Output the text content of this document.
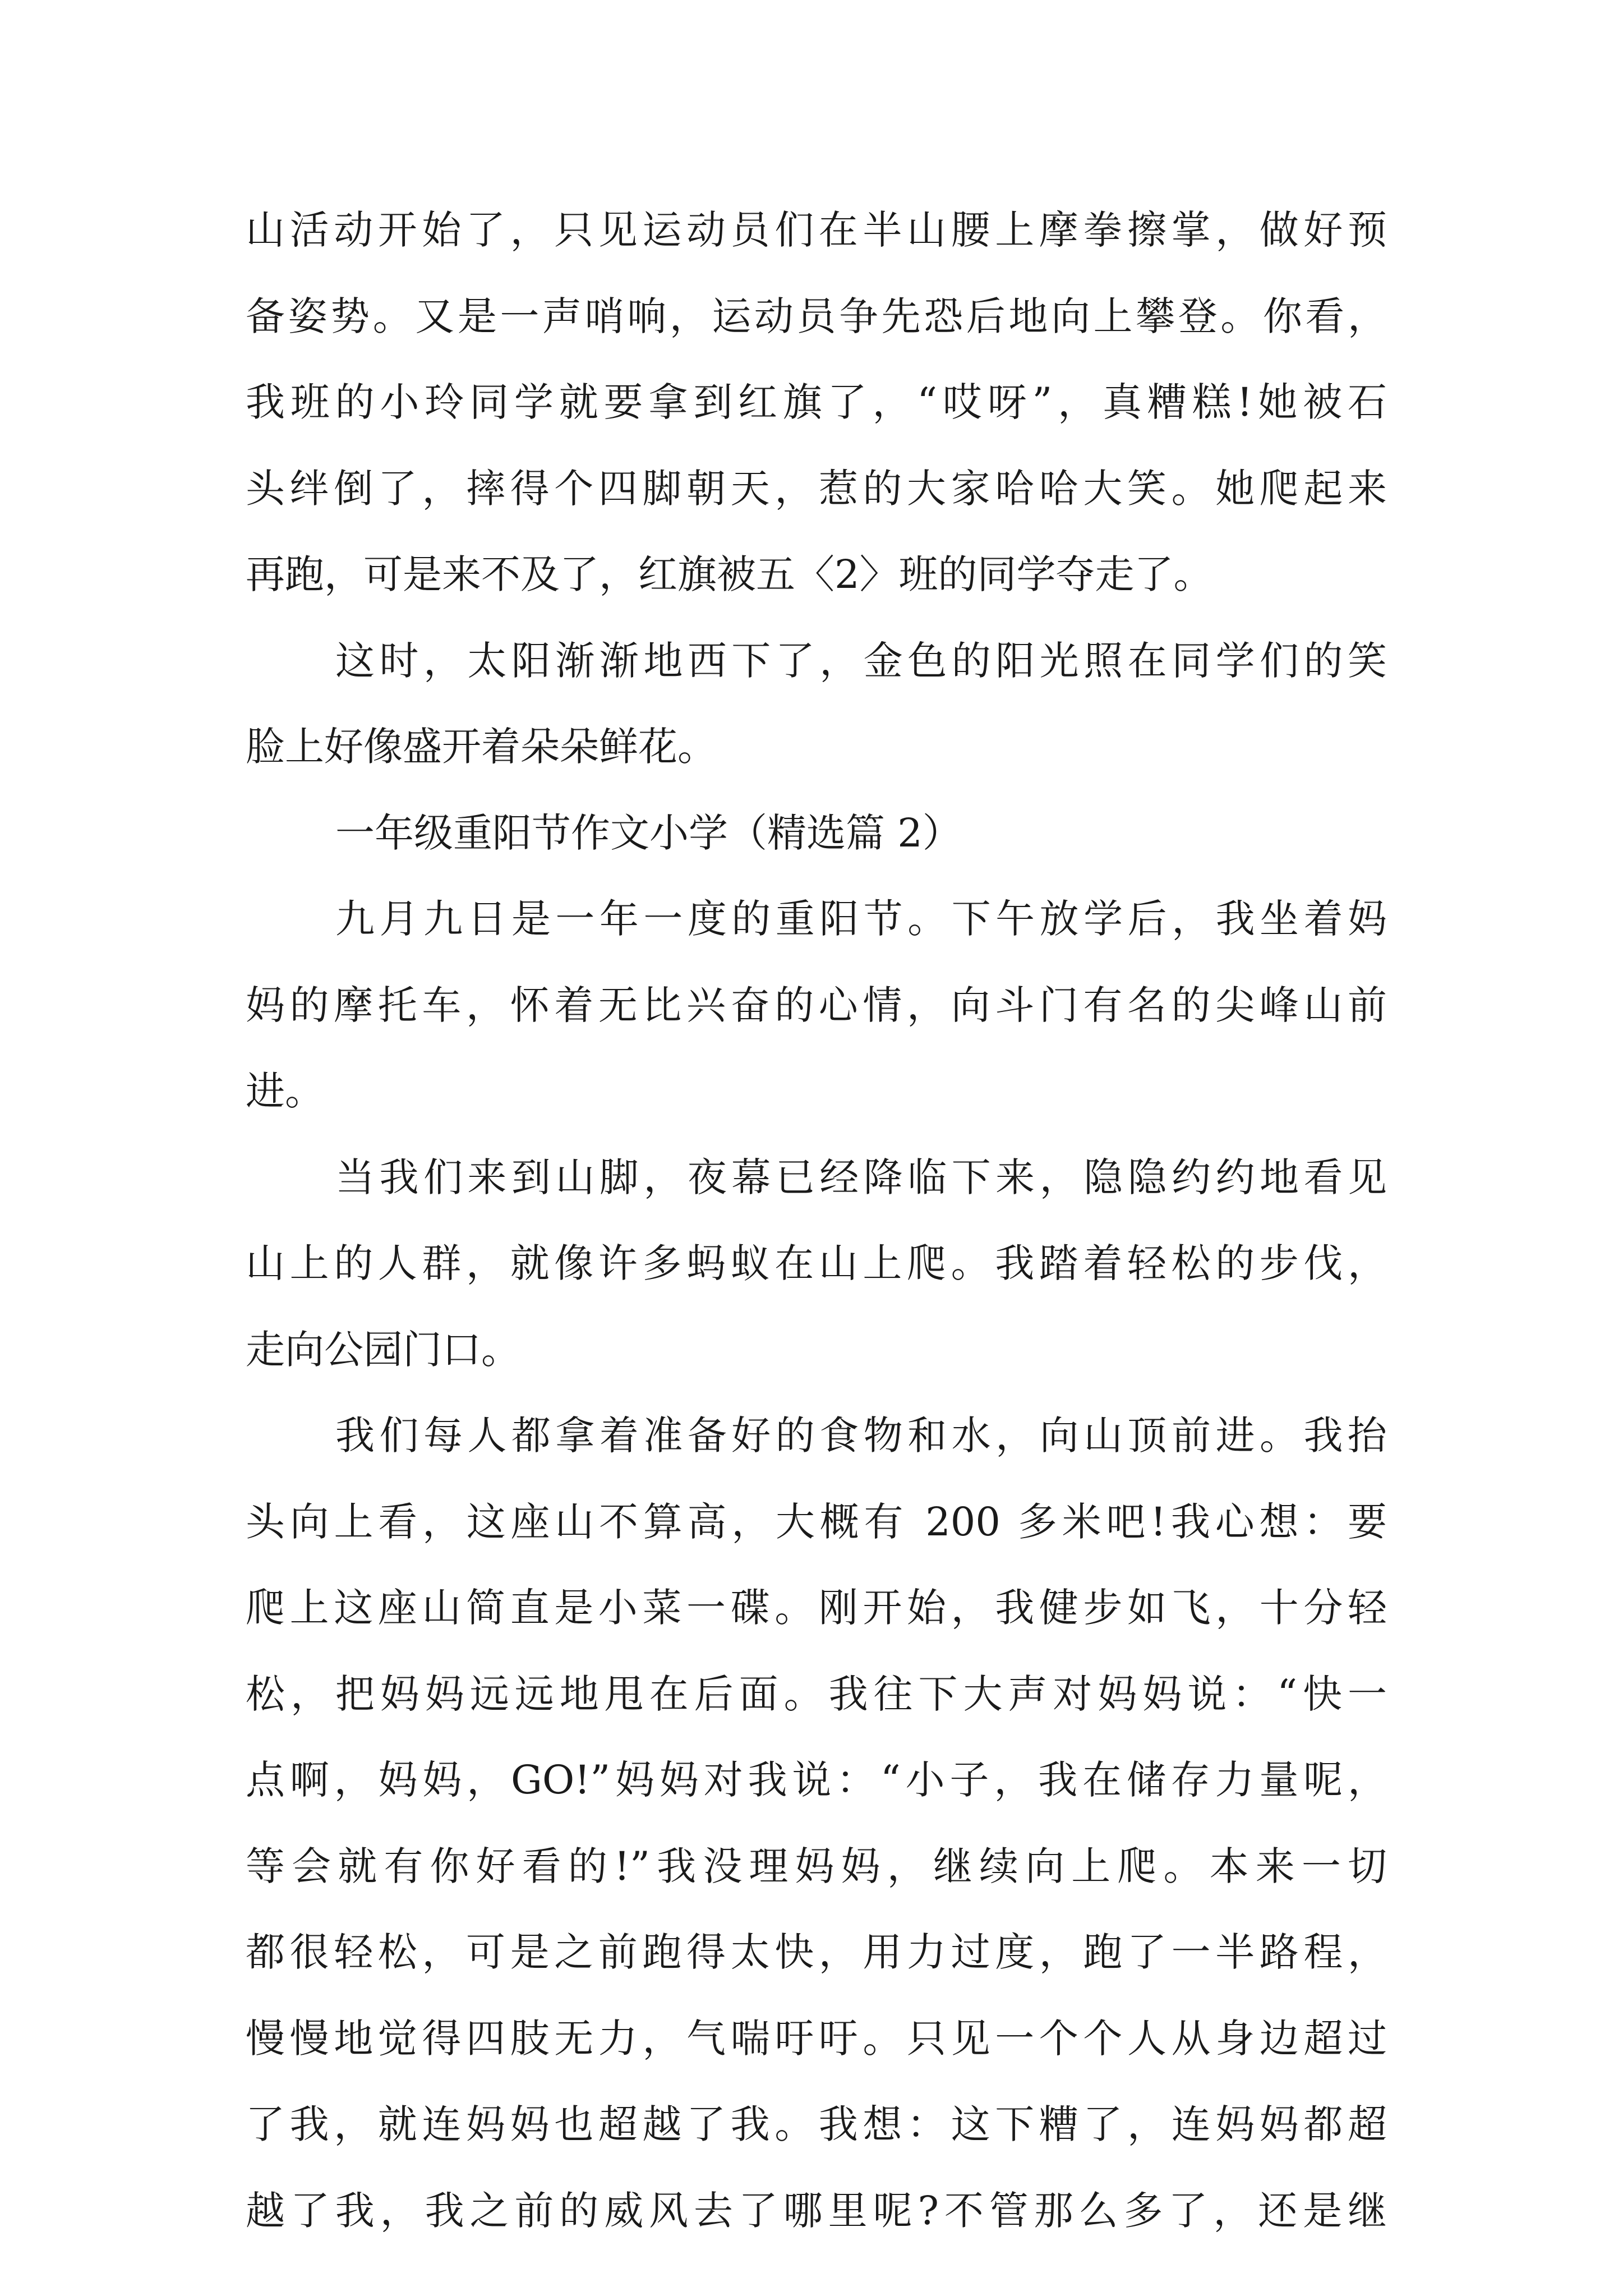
山活动开始了，只见运动员们在半山腰上摩拳擦掌，做好预
备姿势。又是一声哨响，运动员争先恐后地向上攀登。你看，
我班的小玲同学就要拿到红旗了，“哎呀”，真糟糕!她被石
头绊倒了，摔得个四脚朝天，惹的大家哈哈大笑。她爬起来
再跑，可是来不及了，红旗被五〈2〉班的同学夺走了。
这时，太阳渐渐地西下了，金色的阳光照在同学们的笑
脸上好像盛开着朵朵鲜花。
一年级重阳节作文小学（精选篇 2）
九月九日是一年一度的重阳节。下午放学后，我坐着妈
妈的摩托车，怀着无比兴奋的心情，向斗门有名的尖峰山前
进。
当我们来到山脚，夜幕已经降临下来，隐隐约约地看见
山上的人群，就像许多蚂蚁在山上爬。我踏着轻松的步伐，
走向公园门口。
我们每人都拿着准备好的食物和水，向山顶前进。我抬
头向上看，这座山不算高，大概有 200 多米吧!我心想：要
爬上这座山简直是小菜一碟。刚开始，我健步如飞，十分轻
松，把妈妈远远地甩在后面。我往下大声对妈妈说：“快一
点啊，妈妈，GO!”妈妈对我说：“小子，我在储存力量呢，
等会就有你好看的!”我没理妈妈，继续向上爬。本来一切
都很轻松，可是之前跑得太快，用力过度，跑了一半路程，
慢慢地觉得四肢无力，气喘吁吁。只见一个个人从身边超过
了我，就连妈妈也超越了我。我想：这下糟了，连妈妈都超
越了我，我之前的威风去了哪里呢?不管那么多了，还是继
